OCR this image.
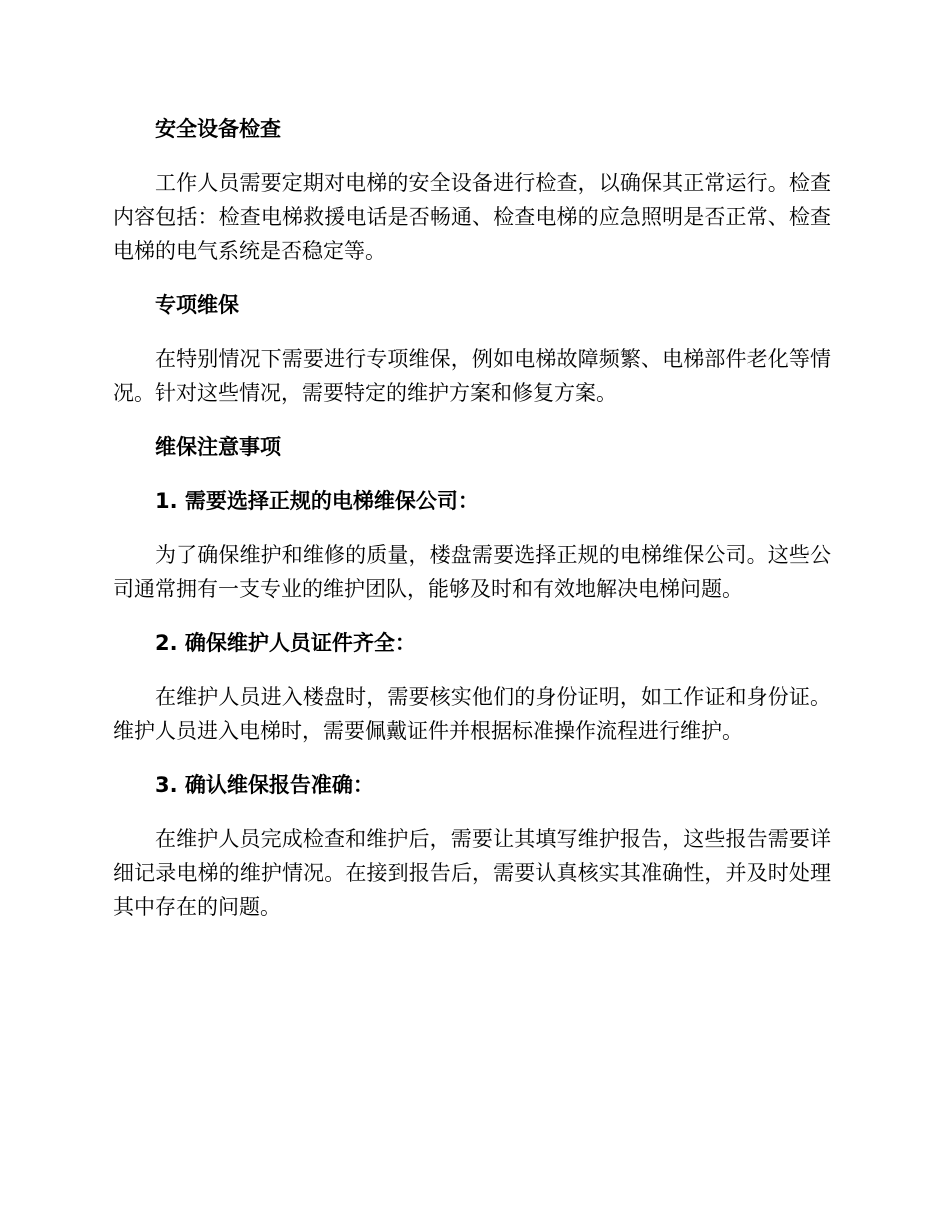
安全设备检查

工作人员需要定期对电梯的安全设备进行检查，以确保其正常运行。检查内容包括：检查电梯救援电话是否畅通、检查电梯的应急照明是否正常、检查电梯的电气系统是否稳定等。

专项维保

在特别情况下需要进行专项维保，例如电梯故障频繁、电梯部件老化等情况。针对这些情况，需要特定的维护方案和修复方案。

维保注意事项

1. 需要选择正规的电梯维保公司：

为了确保维护和维修的质量，楼盘需要选择正规的电梯维保公司。这些公司通常拥有一支专业的维护团队，能够及时和有效地解决电梯问题。

2. 确保维护人员证件齐全：

在维护人员进入楼盘时，需要核实他们的身份证明，如工作证和身份证。维护人员进入电梯时，需要佩戴证件并根据标准操作流程进行维护。

3. 确认维保报告准确：

在维护人员完成检查和维护后，需要让其填写维护报告，这些报告需要详细记录电梯的维护情况。在接到报告后，需要认真核实其准确性，并及时处理其中存在的问题。
